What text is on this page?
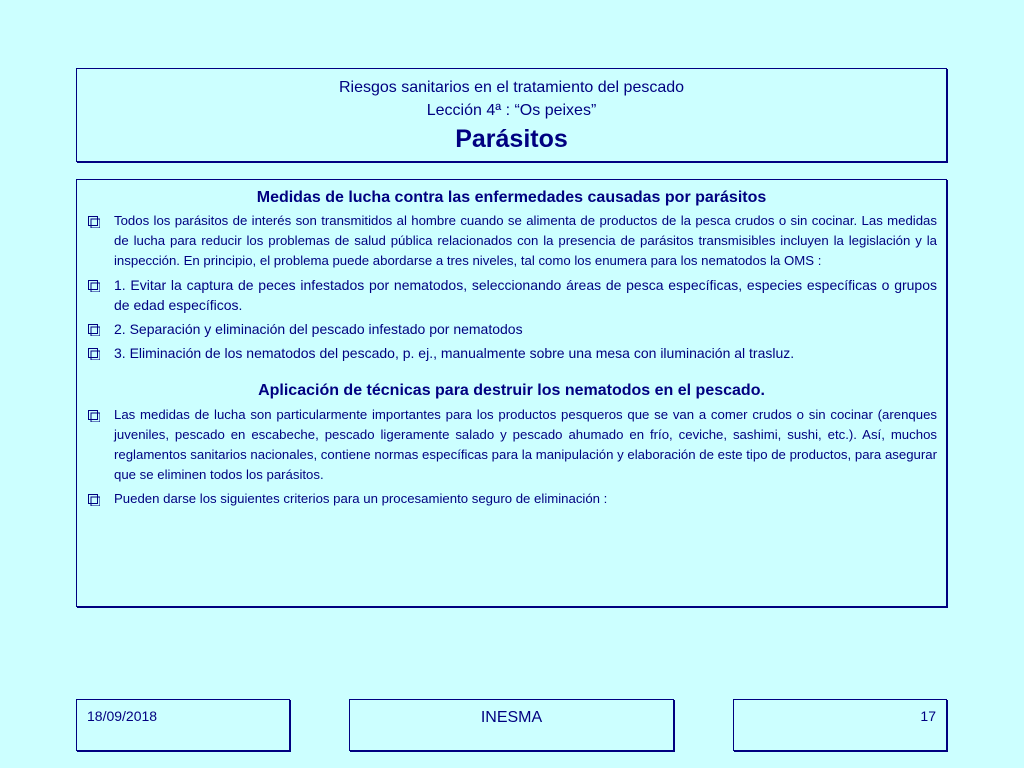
Riesgos sanitarios en el tratamiento del pescado
Lección 4ª : “Os peixes”
Parásitos
Medidas de lucha contra las enfermedades causadas por parásitos
Todos los parásitos de interés son transmitidos al hombre cuando se alimenta de productos de la pesca crudos o sin cocinar. Las medidas de lucha para reducir los problemas de salud pública relacionados con la presencia de parásitos transmisibles incluyen la legislación y la inspección. En principio, el problema puede abordarse a tres niveles, tal como los enumera para los nematodos la OMS :
1. Evitar la captura de peces infestados por nematodos, seleccionando áreas de pesca específicas, especies específicas o grupos de edad específicos.
2. Separación y eliminación del pescado infestado por nematodos
3. Eliminación de los nematodos del pescado, p. ej., manualmente sobre una mesa con iluminación al trasluz.
Aplicación de técnicas para destruir los nematodos en el pescado.
Las medidas de lucha son particularmente importantes para los productos pesqueros que se van a comer crudos o sin cocinar (arenques juveniles, pescado en escabeche, pescado ligeramente salado y pescado ahumado en frío, ceviche, sashimi, sushi, etc.). Así, muchos reglamentos sanitarios nacionales, contiene normas específicas para la manipulación y elaboración de este tipo de productos, para asegurar que se eliminen todos los parásitos.
Pueden darse los siguientes criterios para un procesamiento seguro de eliminación :
18/09/2018	INESMA	17
